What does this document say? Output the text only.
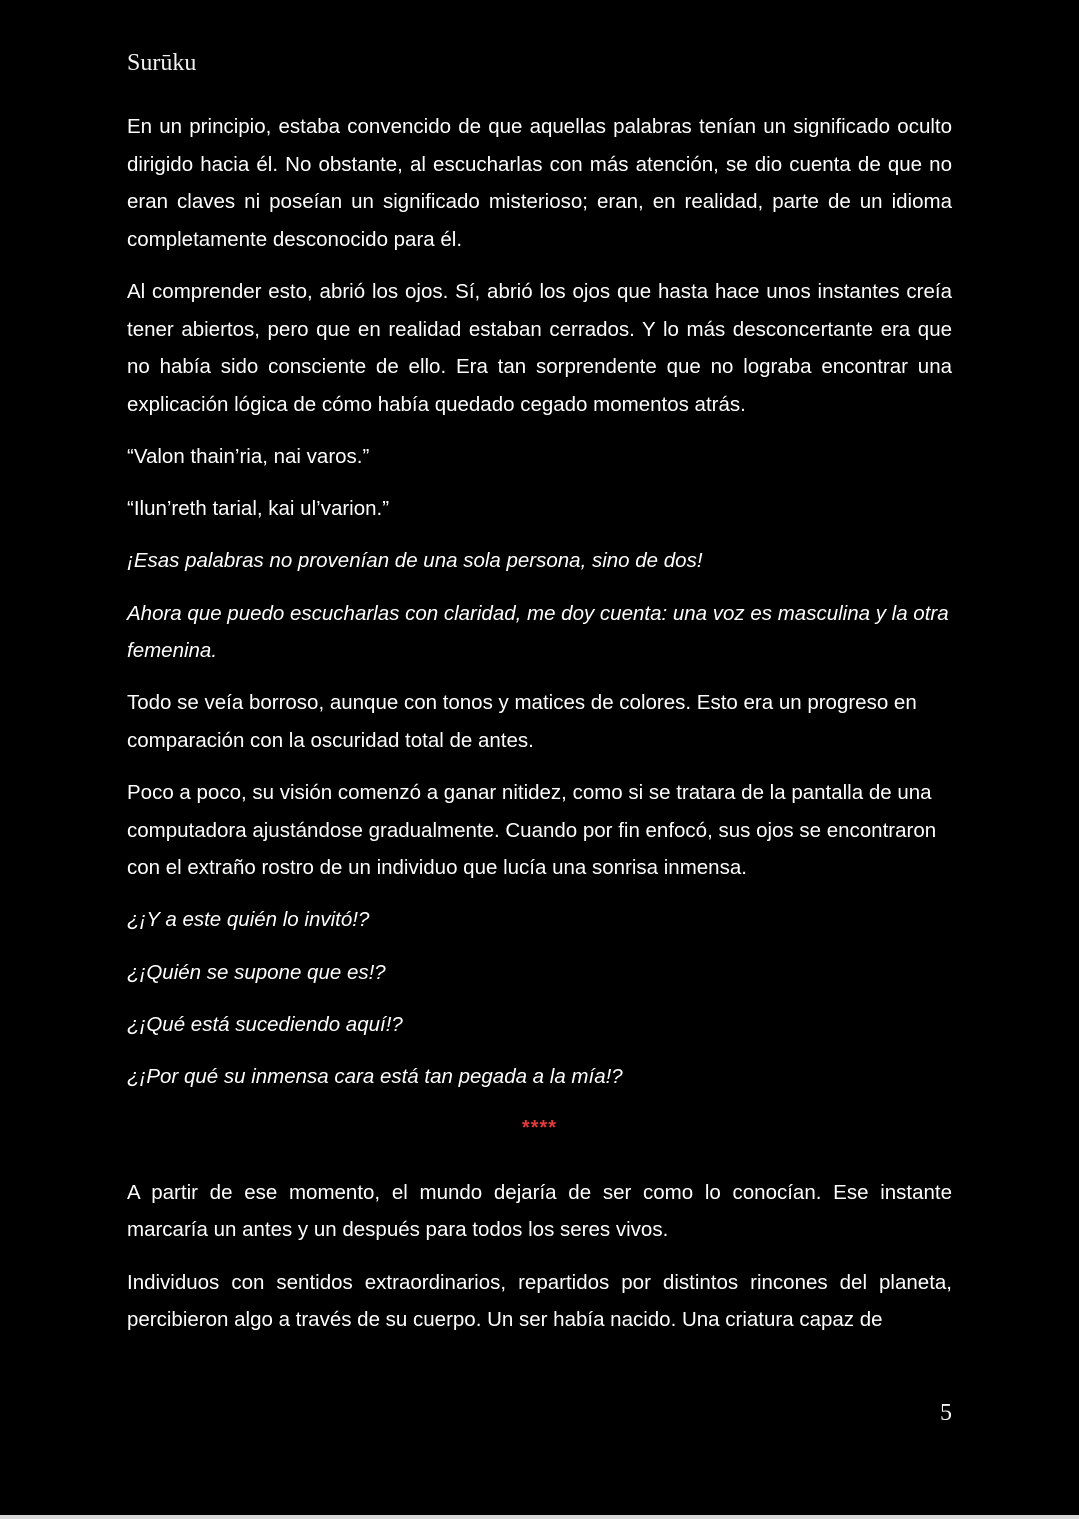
Surūku

En un principio, estaba convencido de que aquellas palabras tenían un significado oculto dirigido hacia él. No obstante, al escucharlas con más atención, se dio cuenta de que no eran claves ni poseían un significado misterioso; eran, en realidad, parte de un idioma completamente desconocido para él.

Al comprender esto, abrió los ojos. Sí, abrió los ojos que hasta hace unos instantes creía tener abiertos, pero que en realidad estaban cerrados. Y lo más desconcertante era que no había sido consciente de ello. Era tan sorprendente que no lograba encontrar una explicación lógica de cómo había quedado cegado momentos atrás.

“Valon thain’ria, nai varos.”

“Ilun’reth tarial, kai ul’varion.”

¡Esas palabras no provenían de una sola persona, sino de dos!

Ahora que puedo escucharlas con claridad, me doy cuenta: una voz es masculina y la otra femenina.

Todo se veía borroso, aunque con tonos y matices de colores. Esto era un progreso en comparación con la oscuridad total de antes.

Poco a poco, su visión comenzó a ganar nitidez, como si se tratara de la pantalla de una computadora ajustándose gradualmente. Cuando por fin enfocó, sus ojos se encontraron con el extraño rostro de un individuo que lucía una sonrisa inmensa.

¿¡Y a este quién lo invitó!?

¿¡Quién se supone que es!?

¿¡Qué está sucediendo aquí!?

¿¡Por qué su inmensa cara está tan pegada a la mía!?

****

A partir de ese momento, el mundo dejaría de ser como lo conocían. Ese instante marcaría un antes y un después para todos los seres vivos.

Individuos con sentidos extraordinarios, repartidos por distintos rincones del planeta, percibieron algo a través de su cuerpo. Un ser había nacido. Una criatura capaz de

5
